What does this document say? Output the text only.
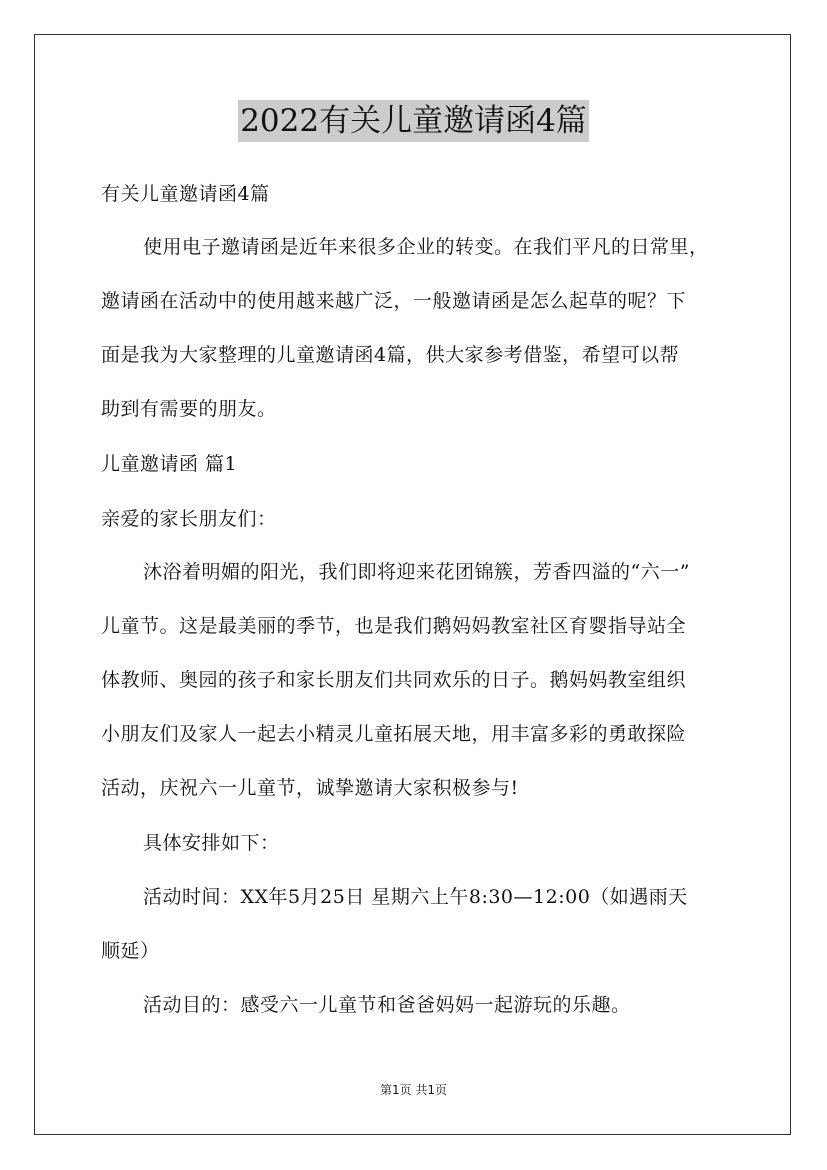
2022有关儿童邀请函4篇
有关儿童邀请函4篇
使用电子邀请函是近年来很多企业的转变。在我们平凡的日常里，
邀请函在活动中的使用越来越广泛，一般邀请函是怎么起草的呢？下
面是我为大家整理的儿童邀请函4篇，供大家参考借鉴，希望可以帮
助到有需要的朋友。
儿童邀请函 篇1
亲爱的家长朋友们：
沐浴着明媚的阳光，我们即将迎来花团锦簇，芳香四溢的“六一”
儿童节。这是最美丽的季节，也是我们鹅妈妈教室社区育婴指导站全
体教师、奥园的孩子和家长朋友们共同欢乐的日子。鹅妈妈教室组织
小朋友们及家人一起去小精灵儿童拓展天地，用丰富多彩的勇敢探险
活动，庆祝六一儿童节，诚挚邀请大家积极参与!
具体安排如下：
活动时间：XX年5月25日 星期六上午8:30—12:00（如遇雨天
顺延）
活动目的：感受六一儿童节和爸爸妈妈一起游玩的乐趣。
第1页 共1页
